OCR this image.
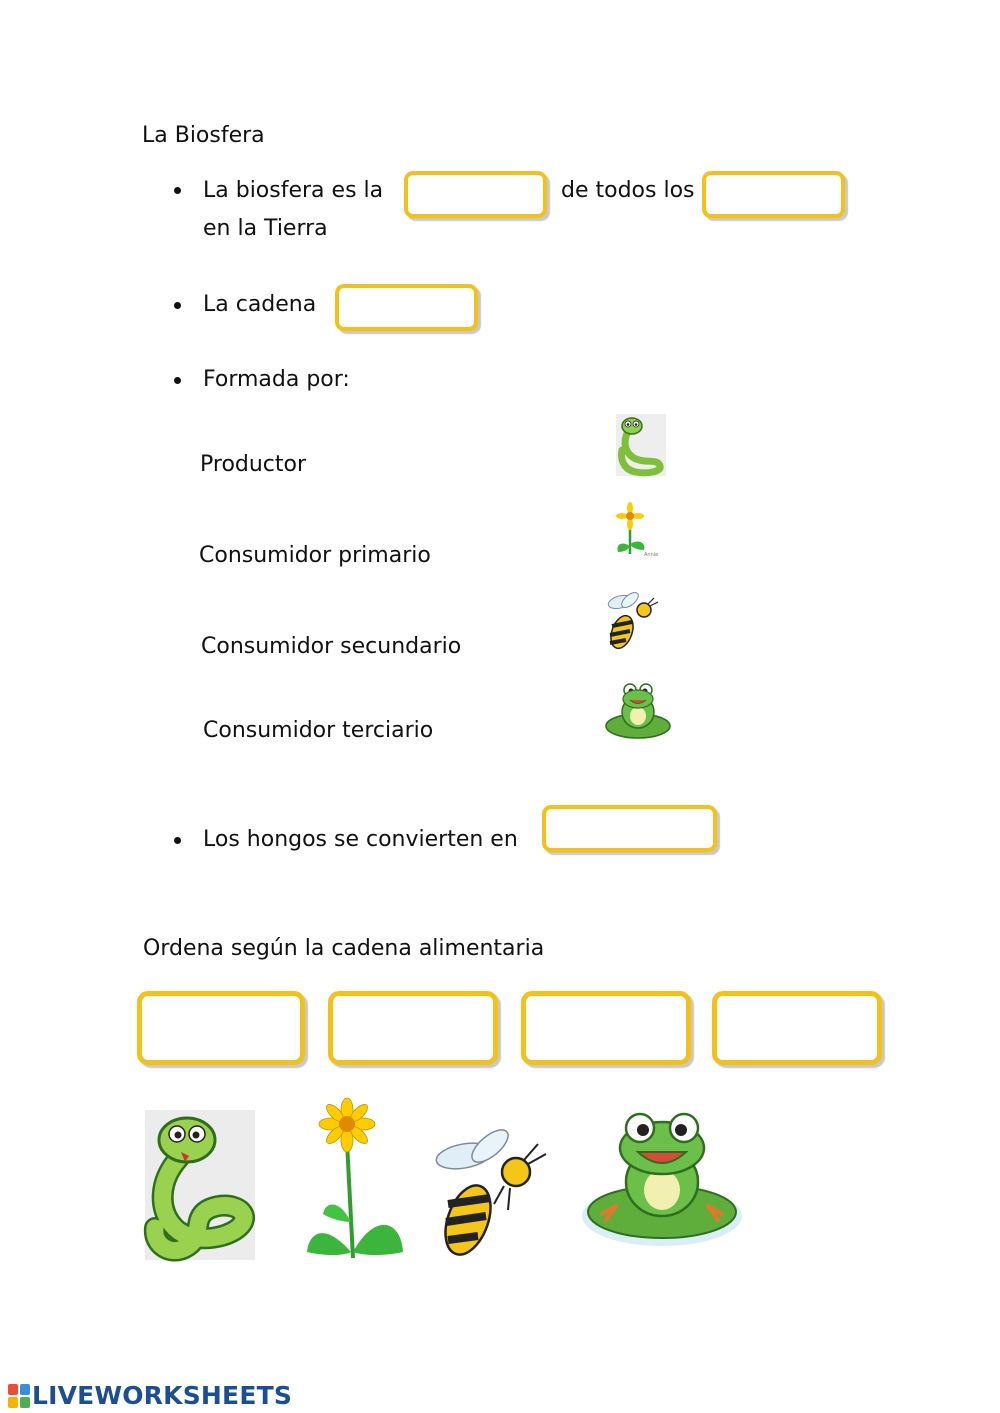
La Biosfera
La biosfera es la	de todos los
en la Tierra
La cadena
Formada por:
Productor
Consumidor primario
Consumidor secundario
Consumidor terciario
Annie
Los hongos se convierten en
Ordena según la cadena alimentaria
LIVEWORKSHEETS
